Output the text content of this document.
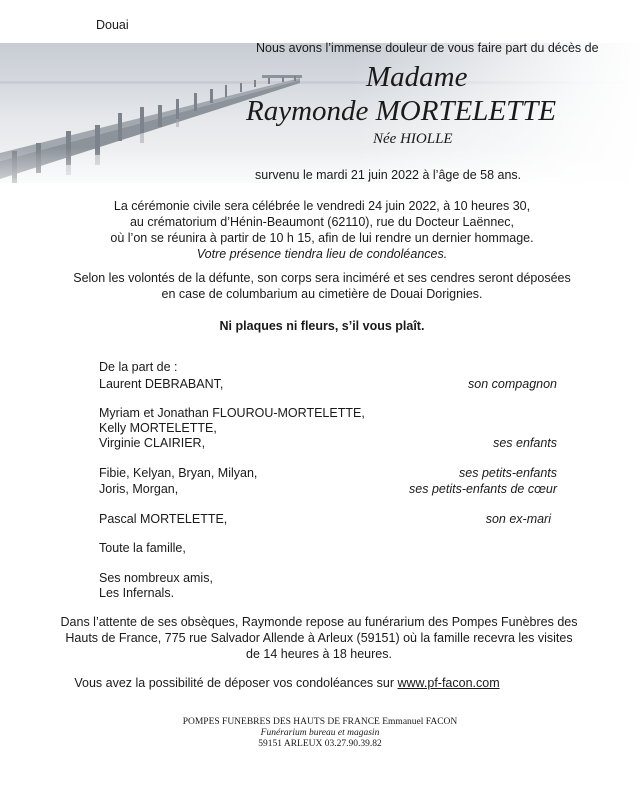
Douai
Nous avons l’immense douleur de vous faire part du décès de
Madame
Raymonde MORTELETTE
Née HIOLLE
survenu le mardi 21 juin 2022 à l’âge de 58 ans.
La cérémonie civile sera célébrée le vendredi 24 juin 2022, à 10 heures 30,
au crématorium d’Hénin-Beaumont (62110), rue du Docteur Laënnec,
où l’on se réunira à partir de 10 h 15, afin de lui rendre un dernier hommage.
Votre présence tiendra lieu de condoléances.
Selon les volontés de la défunte, son corps sera inciméré et ses cendres seront déposées
en case de columbarium au cimetière de Douai Dorignies.
Ni plaques ni fleurs, s’il vous plaît.
De la part de :
Laurent DEBRABANT,	son compagnon
Myriam et Jonathan FLOUROU-MORTELETTE,
Kelly MORTELETTE,
Virginie CLAIRIER,	ses enfants
Fibie, Kelyan, Bryan, Milyan,	ses petits-enfants
Joris, Morgan,	ses petits-enfants de cœur
Pascal MORTELETTE,	son ex-mari
Toute la famille,
Ses nombreux amis,
Les Infernals.
Dans l’attente de ses obsèques, Raymonde repose au funérarium des Pompes Funèbres des
Hauts de France, 775 rue Salvador Allende à Arleux (59151) où la famille recevra les visites
de 14 heures à 18 heures.
Vous avez la possibilité de déposer vos condoléances sur www.pf-facon.com
POMPES FUNEBRES DES HAUTS DE FRANCE Emmanuel FACON
Funérarium bureau et magasin
59151 ARLEUX 03.27.90.39.82
